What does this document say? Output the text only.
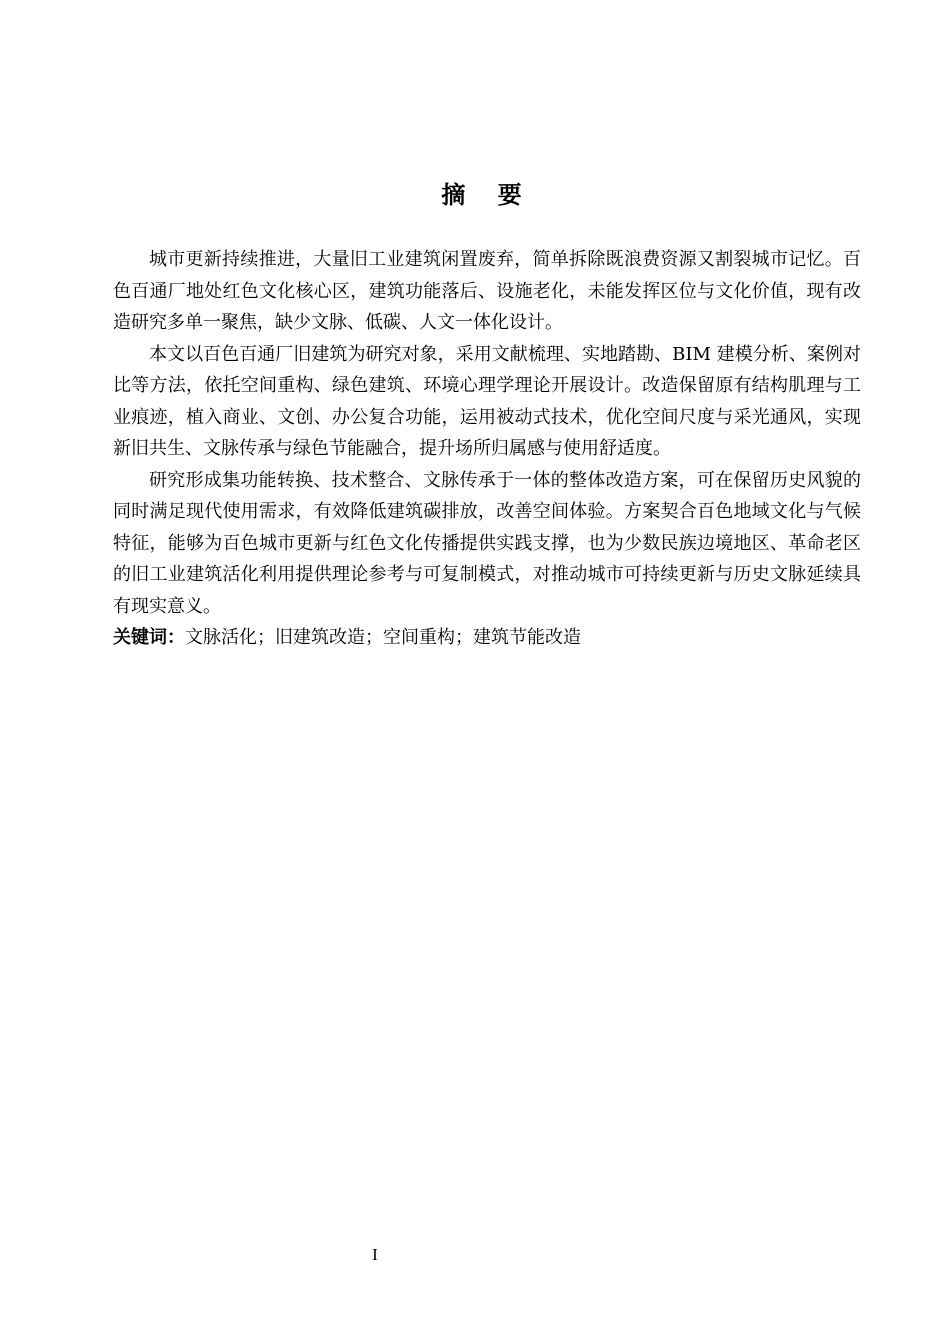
摘 要

城市更新持续推进，大量旧工业建筑闲置废弃，简单拆除既浪费资源又割裂城市记忆。百色百通厂地处红色文化核心区，建筑功能落后、设施老化，未能发挥区位与文化价值，现有改造研究多单一聚焦，缺少文脉、低碳、人文一体化设计。

本文以百色百通厂旧建筑为研究对象，采用文献梳理、实地踏勘、BIM 建模分析、案例对比等方法，依托空间重构、绿色建筑、环境心理学理论开展设计。改造保留原有结构肌理与工业痕迹，植入商业、文创、办公复合功能，运用被动式技术，优化空间尺度与采光通风，实现新旧共生、文脉传承与绿色节能融合，提升场所归属感与使用舒适度。

研究形成集功能转换、技术整合、文脉传承于一体的整体改造方案，可在保留历史风貌的同时满足现代使用需求，有效降低建筑碳排放，改善空间体验。方案契合百色地域文化与气候特征，能够为百色城市更新与红色文化传播提供实践支撑，也为少数民族边境地区、革命老区的旧工业建筑活化利用提供理论参考与可复制模式，对推动城市可持续更新与历史文脉延续具有现实意义。

关键词：文脉活化；旧建筑改造；空间重构；建筑节能改造

I
